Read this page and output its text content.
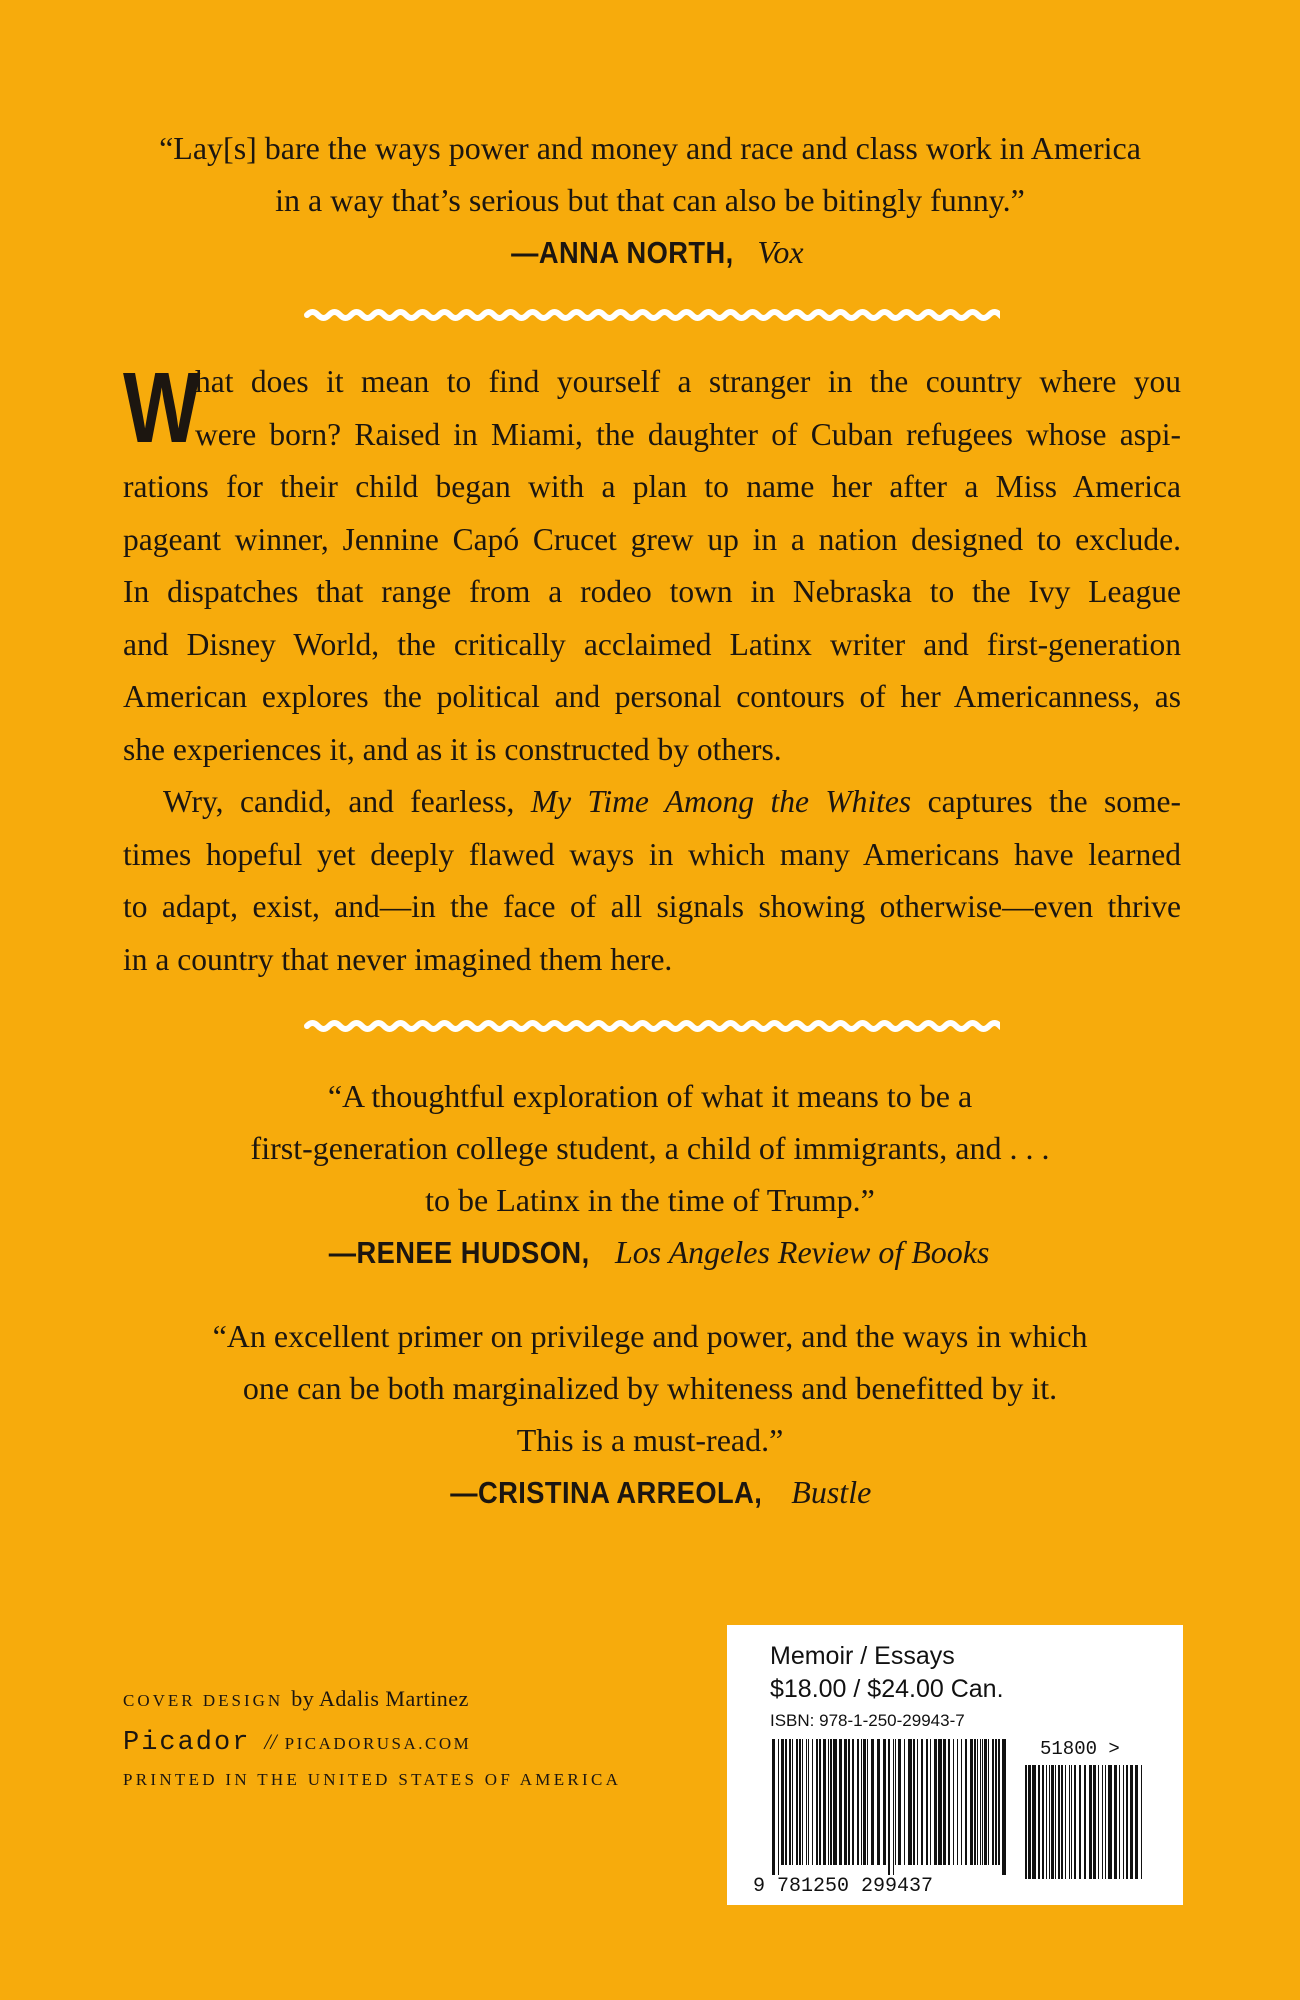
“Lay[s] bare the ways power and money and race and class work in America
in a way that’s serious but that can also be bitingly funny.”
—ANNA NORTH, Vox
W
hat does it mean to find yourself a stranger in the country where you
were born? Raised in Miami, the daughter of Cuban refugees whose aspi-
rations for their child began with a plan to name her after a Miss America
pageant winner, Jennine Capó Crucet grew up in a nation designed to exclude.
In dispatches that range from a rodeo town in Nebraska to the Ivy League
and Disney World, the critically acclaimed Latinx writer and first-generation
American explores the political and personal contours of her Americanness, as
she experiences it, and as it is constructed by others.
Wry, candid, and fearless, My Time Among the Whites captures the some-
times hopeful yet deeply flawed ways in which many Americans have learned
to adapt, exist, and—in the face of all signals showing otherwise—even thrive
in a country that never imagined them here.
“A thoughtful exploration of what it means to be a
first-generation college student, a child of immigrants, and . . .
to be Latinx in the time of Trump.”
—RENEE HUDSON, Los Angeles Review of Books
“An excellent primer on privilege and power, and the ways in which
one can be both marginalized by whiteness and benefitted by it.
This is a must-read.”
—CRISTINA ARREOLA, Bustle
COVER DESIGN by Adalis Martinez
Picador // PICADORUSA.COM
PRINTED IN THE UNITED STATES OF AMERICA
Memoir / Essays
$18.00 / $24.00 Can.
ISBN: 978-1-250-29943-7
9 781250 299437
51800 >
